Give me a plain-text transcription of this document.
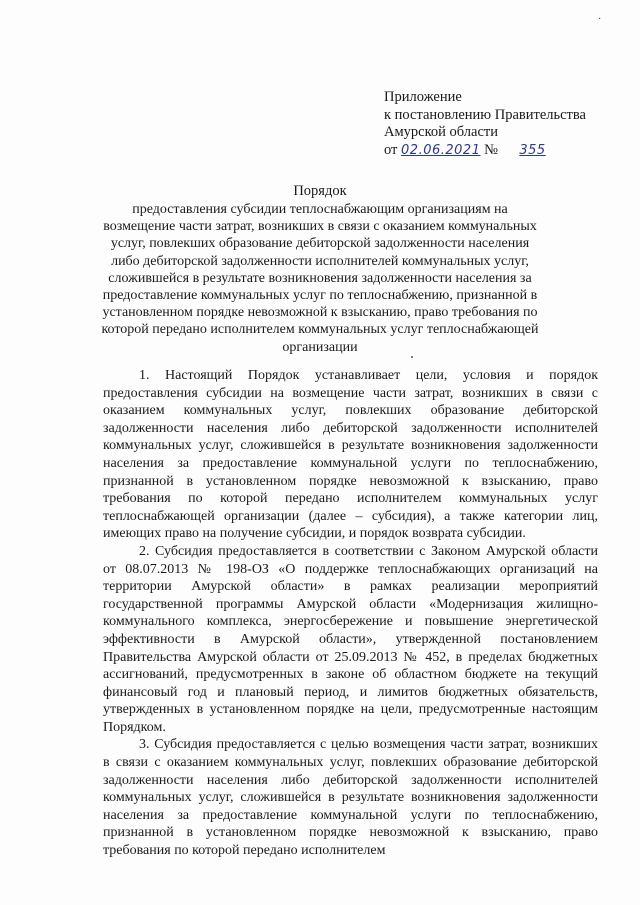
·
Приложение
к постановлению Правительства
Амурской области
от 02.06.2021 № 355
Порядок
предоставления субсидии теплоснабжающим организациям на возмещение части затрат, возникших в связи с оказанием коммунальных услуг, повлекших образование дебиторской задолженности населения либо дебиторской задолженности исполнителей коммунальных услуг, сложившейся в результате возникновения задолженности населения за предоставление коммунальных услуг по теплоснабжению, признанной в установленном порядке невозможной к взысканию, право требования по которой передано исполнителем коммунальных услуг теплоснабжающей организации

1. Настоящий Порядок устанавливает цели, условия и порядок предоставления субсидии на возмещение части затрат, возникших в связи с оказанием коммунальных услуг, повлекших образование дебиторской задолженности населения либо дебиторской задолженности исполнителей коммунальных услуг, сложившейся в результате возникновения задолженности населения за предоставление коммунальной услуги по теплоснабжению, признанной в установленном порядке невозможной к взысканию, право требования по которой передано исполнителем коммунальных услуг теплоснабжающей организации (далее – субсидия), а также категории лиц, имеющих право на получение субсидии, и порядок возврата субсидии.

2. Субсидия предоставляется в соответствии с Законом Амурской области от 08.07.2013 № 198-ОЗ «О поддержке теплоснабжающих организаций на территории Амурской области» в рамках реализации мероприятий государственной программы Амурской области «Модернизация жилищно-коммунального комплекса, энергосбережение и повышение энергетической эффективности в Амурской области», утвержденной постановлением Правительства Амурской области от 25.09.2013 № 452, в пределах бюджетных ассигнований, предусмотренных в законе об областном бюджете на текущий финансовый год и плановый период, и лимитов бюджетных обязательств, утвержденных в установленном порядке на цели, предусмотренные настоящим Порядком.

3. Субсидия предоставляется с целью возмещения части затрат, возникших в связи с оказанием коммунальных услуг, повлекших образование дебиторской задолженности населения либо дебиторской задолженности исполнителей коммунальных услуг, сложившейся в результате возникновения задолженности населения за предоставление коммунальной услуги по теплоснабжению, признанной в установленном порядке невозможной к взысканию, право требования по которой передано исполнителем
